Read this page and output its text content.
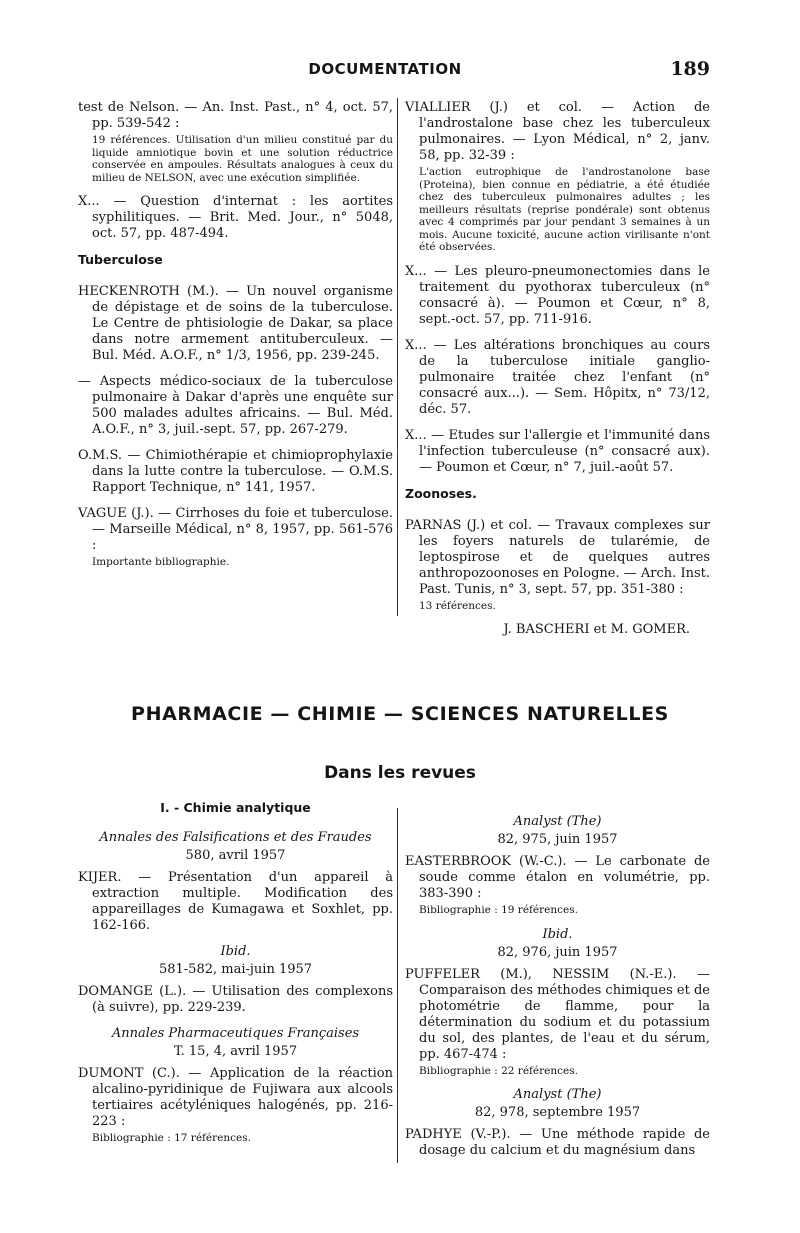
DOCUMENTATION	189
test de Nelson. — An. Inst. Past., n° 4, oct. 57, pp. 539-542 :
19 références. Utilisation d'un milieu constitué par du liquide amniotique bovin et une solution réductrice conservée en ampoules. Résultats analogues à ceux du milieu de NELSON, avec une exécution simplifiée.
X... — Question d'internat : les aortites syphilitiques. — Brit. Med. Jour., n° 5048, oct. 57, pp. 487-494.
Tuberculose
HECKENROTH (M.). — Un nouvel organisme de dépistage et de soins de la tuberculose. Le Centre de phtisiologie de Dakar, sa place dans notre armement antituberculeux. — Bul. Méd. A.O.F., n° 1/3, 1956, pp. 239-245.
— Aspects médico-sociaux de la tuberculose pulmonaire à Dakar d'après une enquête sur 500 malades adultes africains. — Bul. Méd. A.O.F., n° 3, juil.-sept. 57, pp. 267-279.
O.M.S. — Chimiothérapie et chimioprophylaxie dans la lutte contre la tuberculose. — O.M.S. Rapport Technique, n° 141, 1957.
VAGUE (J.). — Cirrhoses du foie et tuberculose. — Marseille Médical, n° 8, 1957, pp. 561-576 :
Importante bibliographie.
VIALLIER (J.) et col. — Action de l'androstalone base chez les tuberculeux pulmonaires. — Lyon Médical, n° 2, janv. 58, pp. 32-39 :
L'action eutrophique de l'androstanolone base (Proteina), bien connue en pédiatrie, a été étudiée chez des tuberculeux pulmonaires adultes ; les meilleurs résultats (reprise pondérale) sont obtenus avec 4 comprimés par jour pendant 3 semaines à un mois. Aucune toxicité, aucune action virilisante n'ont été observées.
X... — Les pleuro-pneumonectomies dans le traitement du pyothorax tuberculeux (n° consacré à). — Poumon et Cœur, n° 8, sept.-oct. 57, pp. 711-916.
X... — Les altérations bronchiques au cours de la tuberculose initiale ganglio-pulmonaire traitée chez l'enfant (n° consacré aux...). — Sem. Hôpitx, n° 73/12, déc. 57.
X... — Etudes sur l'allergie et l'immunité dans l'infection tuberculeuse (n° consacré aux). — Poumon et Cœur, n° 7, juil.-août 57.
Zoonoses.
PARNAS (J.) et col. — Travaux complexes sur les foyers naturels de tularémie, de leptospirose et de quelques autres anthropozoonoses en Pologne. — Arch. Inst. Past. Tunis, n° 3, sept. 57, pp. 351-380 :
13 références.
J. BASCHERI et M. GOMER.
PHARMACIE — CHIMIE — SCIENCES NATURELLES
Dans les revues
I. - Chimie analytique
Annales des Falsifications et des Fraudes
580, avril 1957
KIJER. — Présentation d'un appareil à extraction multiple. Modification des appareillages de Kumagawa et Soxhlet, pp. 162-166.
Ibid.
581-582, mai-juin 1957
DOMANGE (L.). — Utilisation des complexons (à suivre), pp. 229-239.
Annales Pharmaceutiques Françaises
T. 15, 4, avril 1957
DUMONT (C.). — Application de la réaction alcalino-pyridinique de Fujiwara aux alcools tertiaires acétyléniques halogénés, pp. 216-223 :
Bibliographie : 17 références.
Analyst (The)
82, 975, juin 1957
EASTERBROOK (W.-C.). — Le carbonate de soude comme étalon en volumétrie, pp. 383-390 :
Bibliographie : 19 références.
Ibid.
82, 976, juin 1957
PUFFELER (M.), NESSIM (N.-E.). — Comparaison des méthodes chimiques et de photométrie de flamme, pour la détermination du sodium et du potassium du sol, des plantes, de l'eau et du sérum, pp. 467-474 :
Bibliographie : 22 références.
Analyst (The)
82, 978, septembre 1957
PADHYE (V.-P.). — Une méthode rapide de dosage du calcium et du magnésium dans
